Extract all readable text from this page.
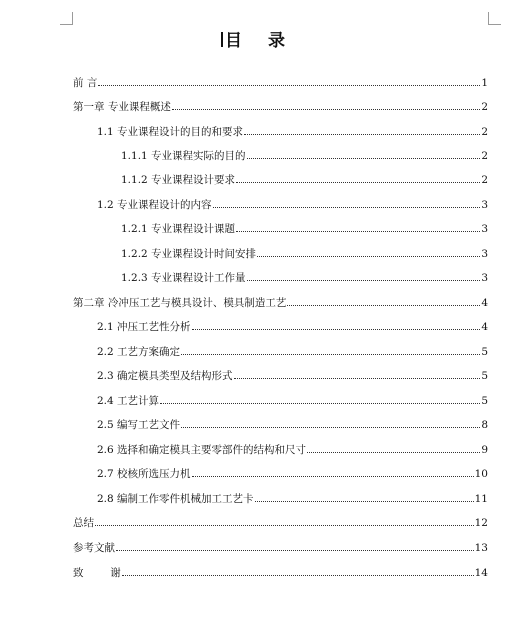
目 录
前 言	1
第一章 专业课程概述	2
1.1 专业课程设计的目的和要求	2
1.1.1 专业课程实际的目的	2
1.1.2 专业课程设计要求	2
1.2 专业课程设计的内容	3
1.2.1 专业课程设计课题	3
1.2.2 专业课程设计时间安排	3
1.2.3 专业课程设计工作量	3
第二章 冷冲压工艺与模具设计、模具制造工艺	4
2.1 冲压工艺性分析	4
2.2 工艺方案确定	5
2.3 确定模具类型及结构形式	5
2.4 工艺计算	5
2.5 编写工艺文件	8
2.6 选择和确定模具主要零部件的结构和尺寸	9
2.7 校核所选压力机	10
2.8 编制工作零件机械加工工艺卡	11
总结	12
参考文献	13
致        谢	14
